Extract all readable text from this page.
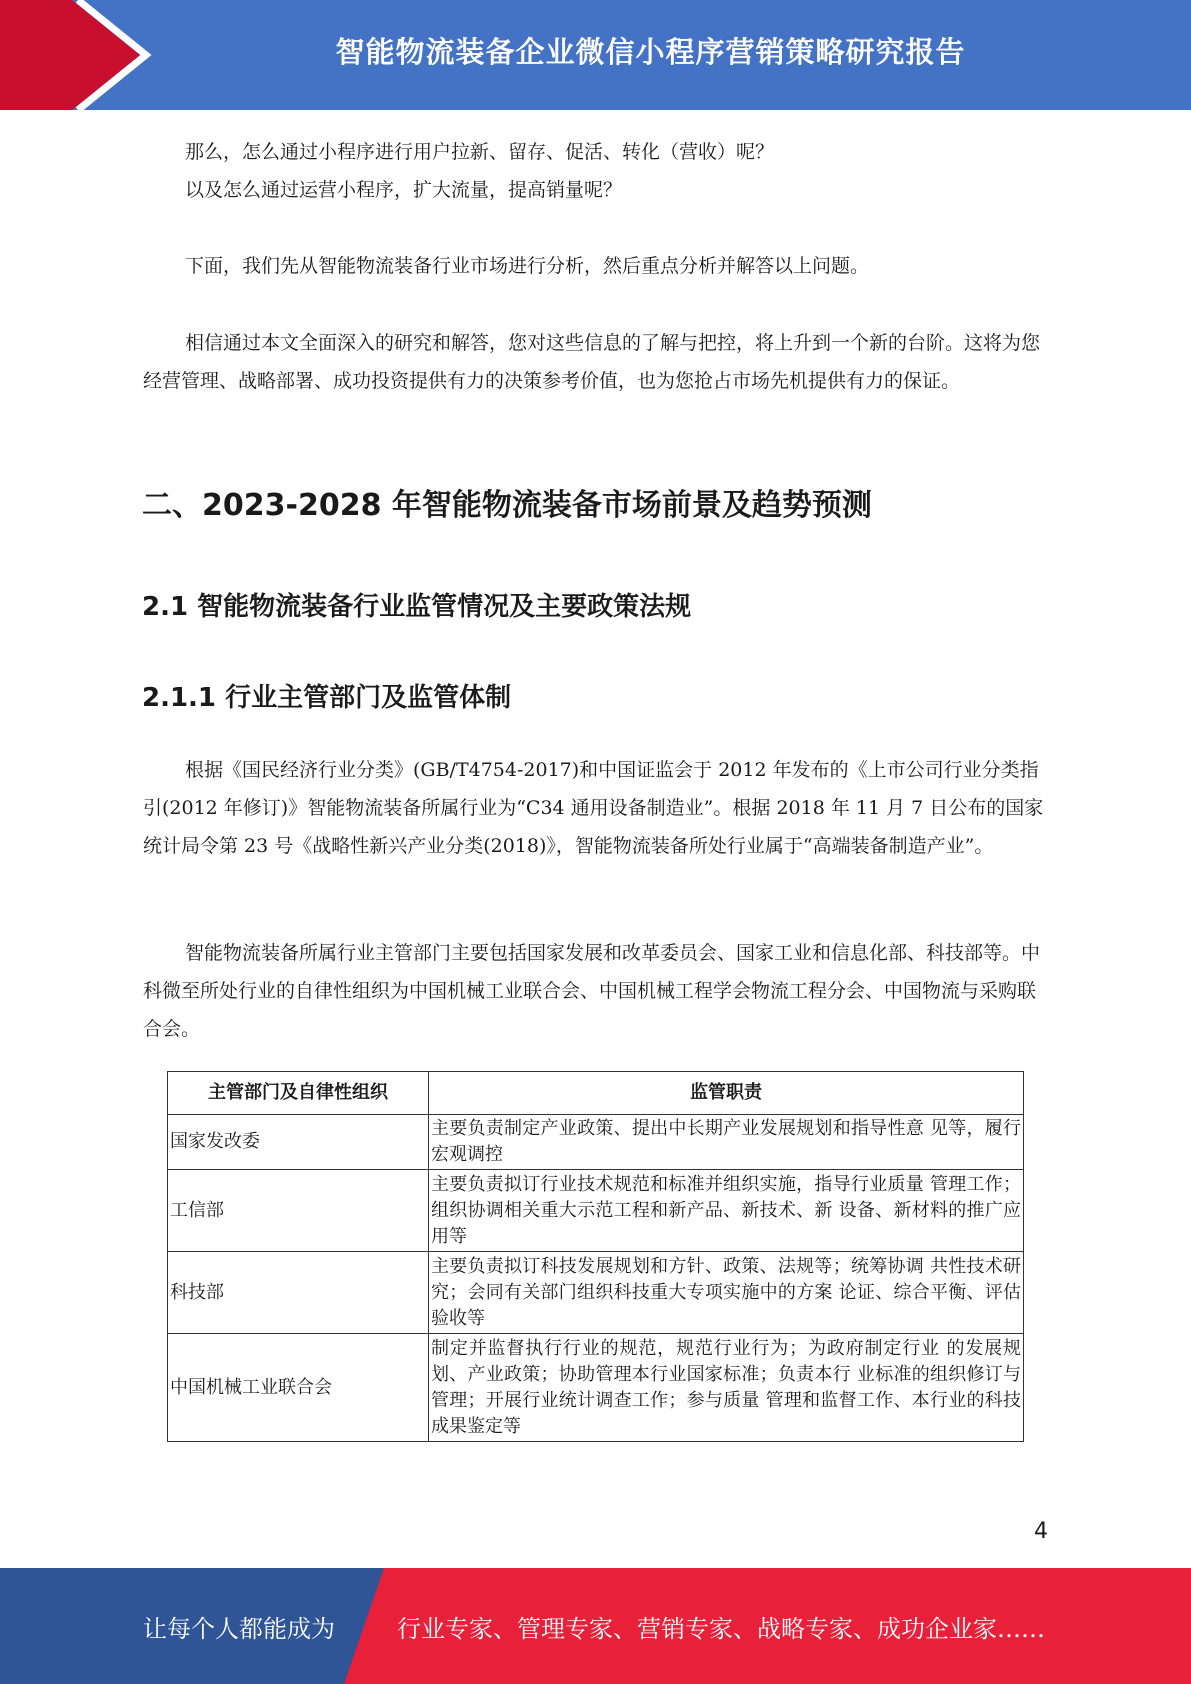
智能物流装备企业微信小程序营销策略研究报告

那么，怎么通过小程序进行用户拉新、留存、促活、转化（营收）呢？

以及怎么通过运营小程序，扩大流量，提高销量呢？

下面，我们先从智能物流装备行业市场进行分析，然后重点分析并解答以上问题。

相信通过本文全面深入的研究和解答，您对这些信息的了解与把控，将上升到一个新的台阶。这将为您经营管理、战略部署、成功投资提供有力的决策参考价值，也为您抢占市场先机提供有力的保证。

二、2023-2028 年智能物流装备市场前景及趋势预测
2.1 智能物流装备行业监管情况及主要政策法规
2.1.1 行业主管部门及监管体制

根据《国民经济行业分类》(GB/T4754-2017)和中国证监会于 2012 年发布的《上市公司行业分类指引(2012 年修订)》智能物流装备所属行业为“C34 通用设备制造业”。根据 2018 年 11 月 7 日公布的国家统计局令第 23 号《战略性新兴产业分类(2018)》，智能物流装备所处行业属于“高端装备制造产业”。

智能物流装备所属行业主管部门主要包括国家发展和改革委员会、国家工业和信息化部、科技部等。中科微至所处行业的自律性组织为中国机械工业联合会、中国机械工程学会物流工程分会、中国物流与采购联合会。

主管部门及自律性组织	监管职责
国家发改委	主要负责制定产业政策、提出中长期产业发展规划和指导性意 见等，履行宏观调控
工信部	主要负责拟订行业技术规范和标准并组织实施，指导行业质量 管理工作；组织协调相关重大示范工程和新产品、新技术、新 设备、新材料的推广应用等
科技部	主要负责拟订科技发展规划和方针、政策、法规等；统筹协调 共性技术研究；会同有关部门组织科技重大专项实施中的方案 论证、综合平衡、评估验收等
中国机械工业联合会	制定并监督执行行业的规范，规范行业行为；为政府制定行业 的发展规划、产业政策；协助管理本行业国家标准；负责本行 业标准的组织修订与管理；开展行业统计调查工作；参与质量 管理和监督工作、本行业的科技成果鉴定等
4
让每个人都能成为	行业专家、管理专家、营销专家、战略专家、成功企业家……
